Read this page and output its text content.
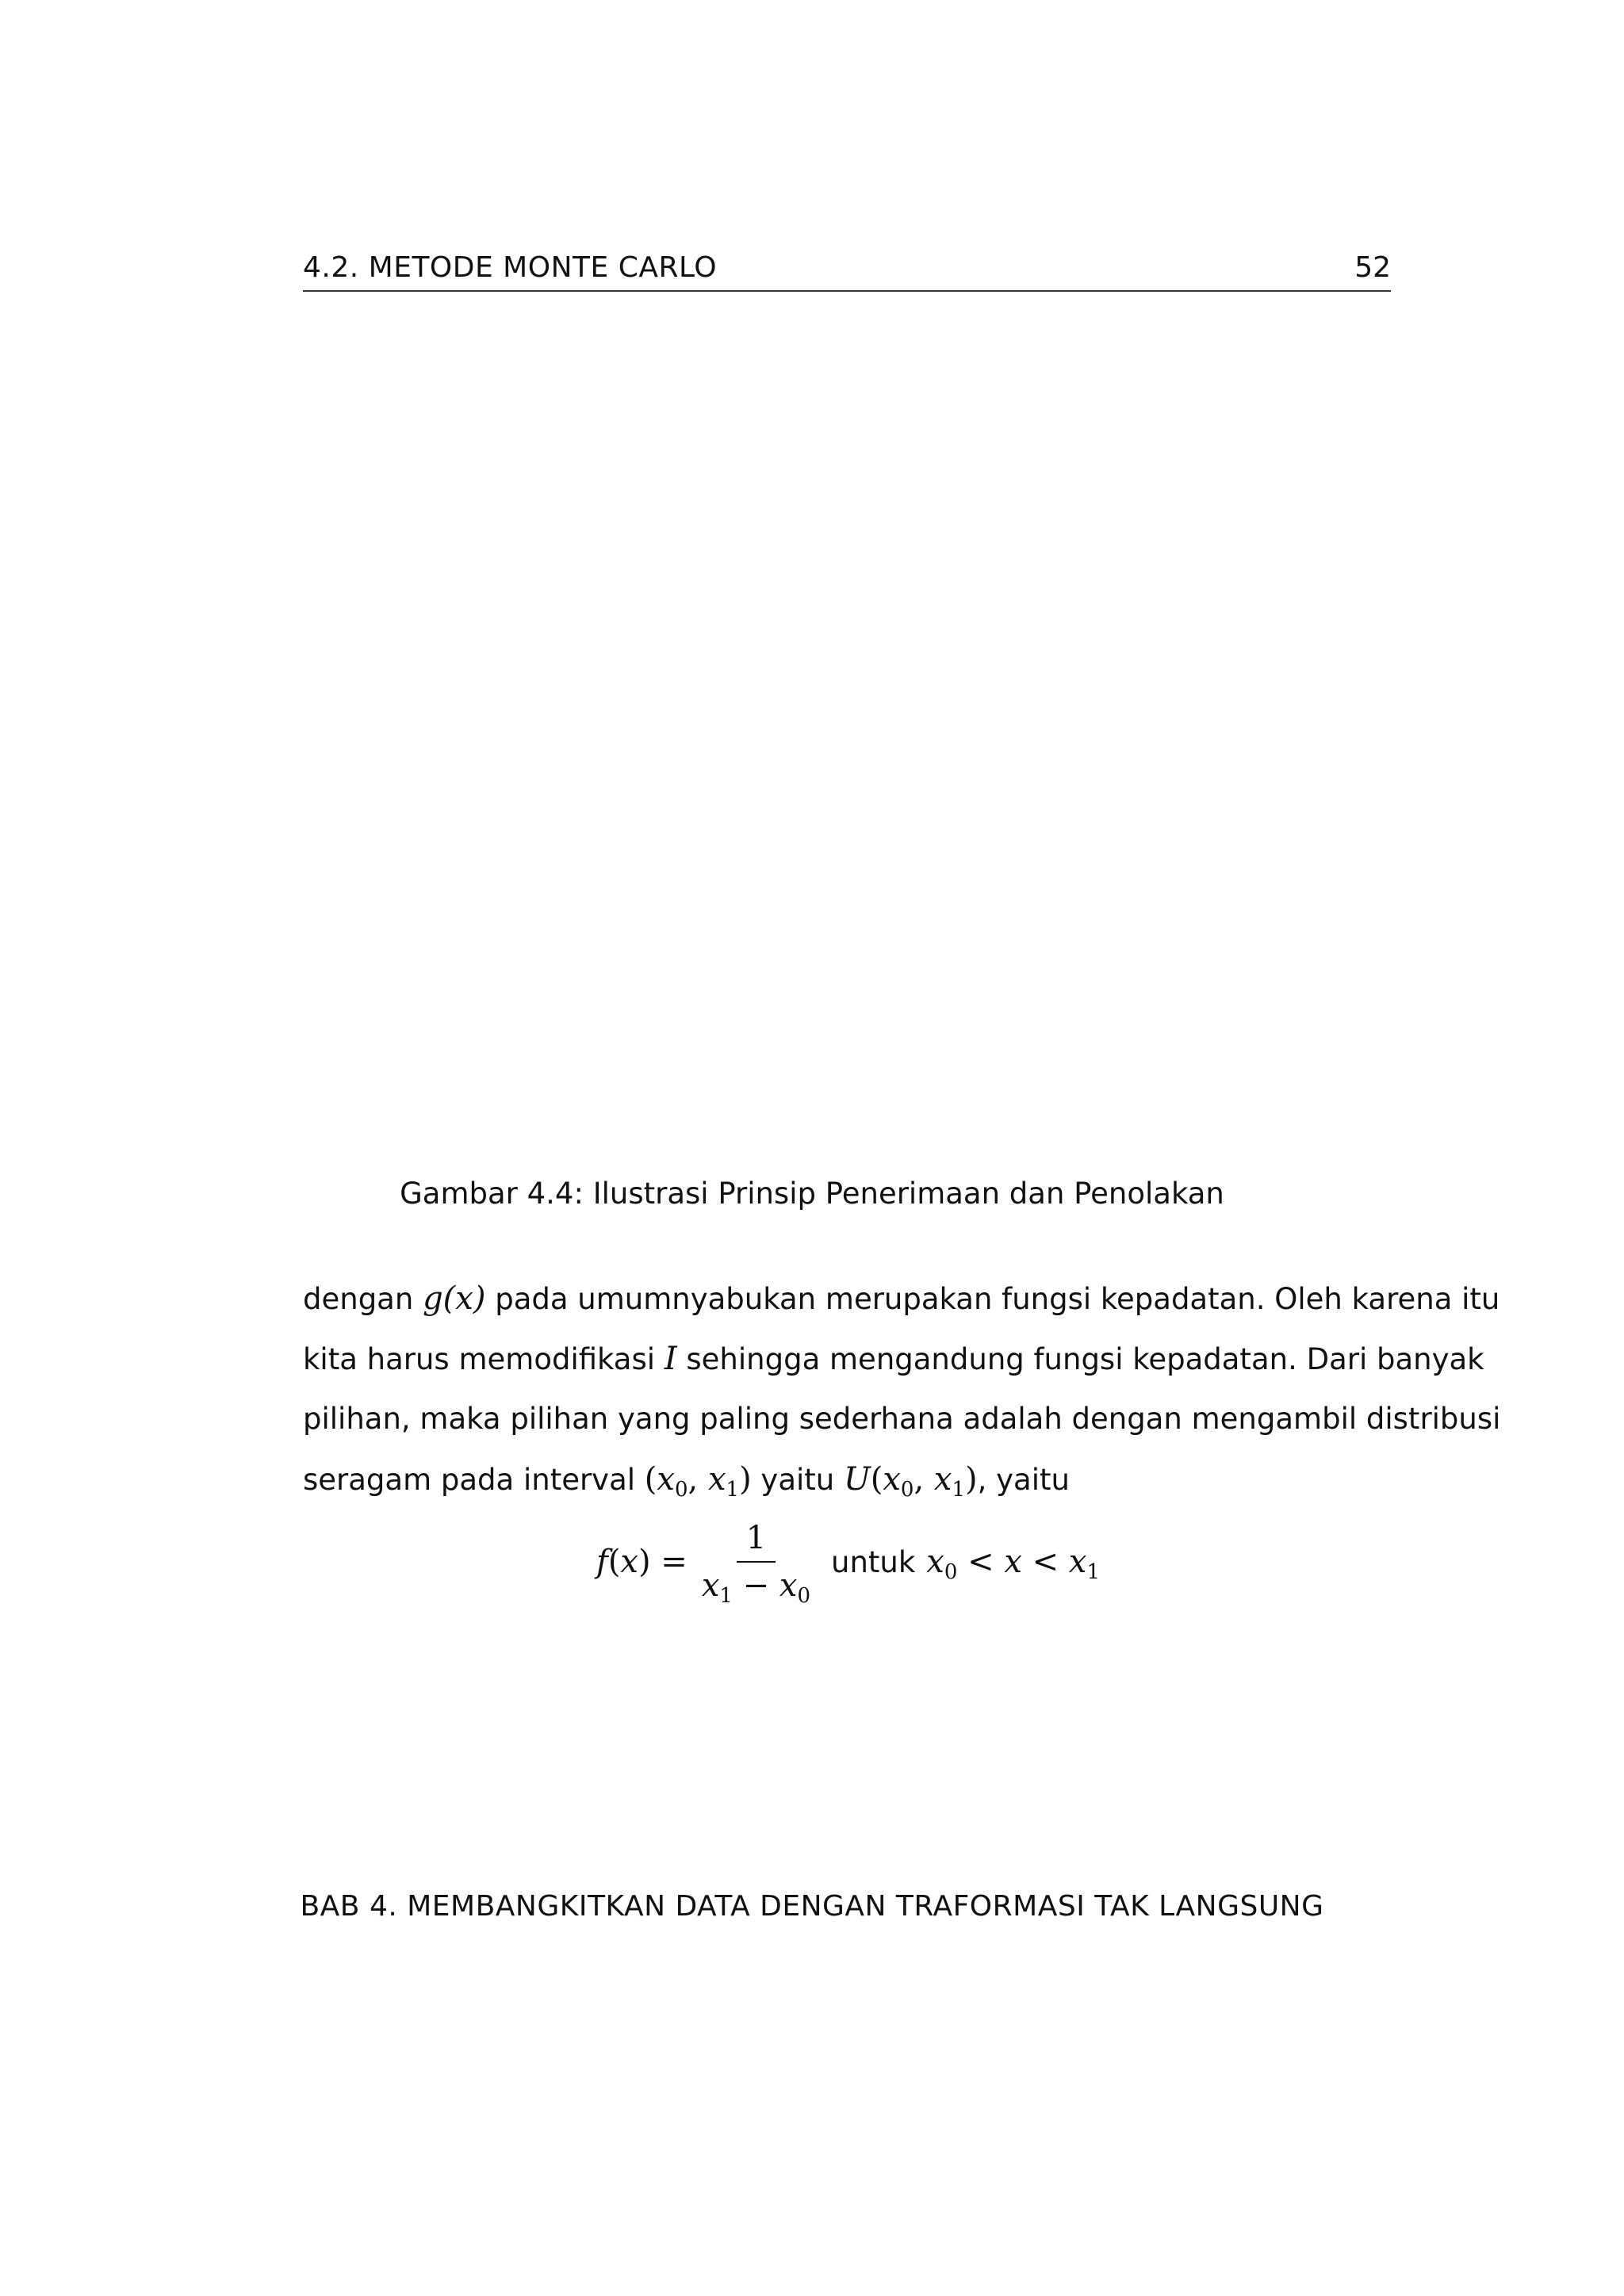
4.2. METODE MONTE CARLO	52
Gambar 4.4: Ilustrasi Prinsip Penerimaan dan Penolakan
dengan g(x) pada umumnyabukan merupakan fungsi kepadatan. Oleh karena itu
kita harus memodifikasi I sehingga mengandung fungsi kepadatan. Dari banyak
pilihan, maka pilihan yang paling sederhana adalah dengan mengambil distribusi
seragam pada interval ($x_0$, $x_1$) yaitu $U(x_0$, $x_1$), yaitu
$f(x) = \frac{1}{x_1 - x_0}$ untuk $x_0 < x < x_1$
BAB 4. MEMBANGKITKAN DATA DENGAN TRAFORMASI TAK LANGSUNG
